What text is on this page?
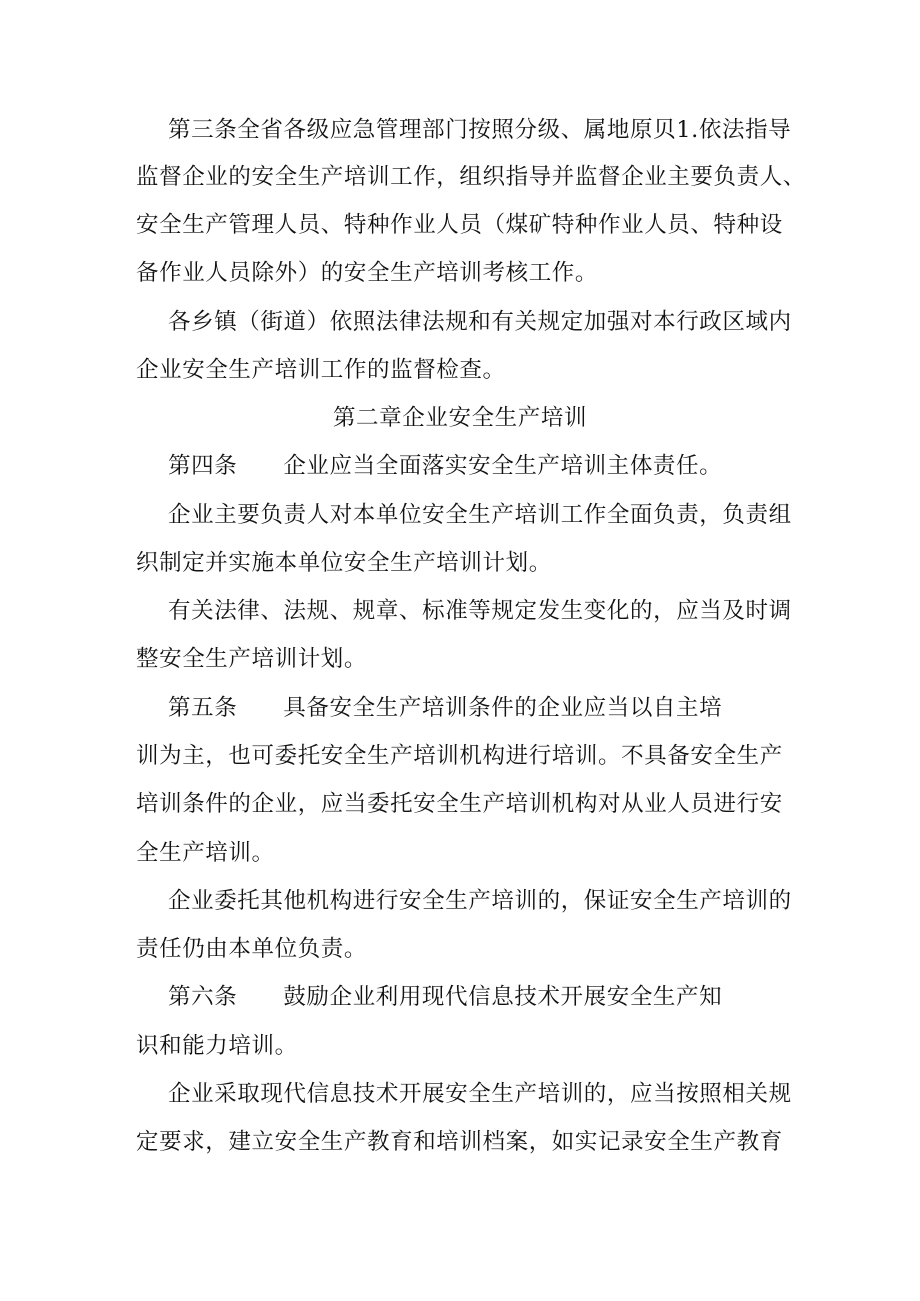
第三条全省各级应急管理部门按照分级、属地原贝1.依法指导
监督企业的安全生产培训工作，组织指导并监督企业主要负责人、
安全生产管理人员、特种作业人员（煤矿特种作业人员、特种设
备作业人员除外）的安全生产培训考核工作。
各乡镇（街道）依照法律法规和有关规定加强对本行政区域内
企业安全生产培训工作的监督检查。
第二章企业安全生产培训
第四条 企业应当全面落实安全生产培训主体责任。
企业主要负责人对本单位安全生产培训工作全面负责，负责组
织制定并实施本单位安全生产培训计划。
有关法律、法规、规章、标准等规定发生变化的，应当及时调
整安全生产培训计划。
第五条 具备安全生产培训条件的企业应当以自主培
训为主，也可委托安全生产培训机构进行培训。不具备安全生产
培训条件的企业，应当委托安全生产培训机构对从业人员进行安
全生产培训。
企业委托其他机构进行安全生产培训的，保证安全生产培训的
责任仍由本单位负责。
第六条 鼓励企业利用现代信息技术开展安全生产知
识和能力培训。
企业采取现代信息技术开展安全生产培训的，应当按照相关规
定要求，建立安全生产教育和培训档案，如实记录安全生产教育
